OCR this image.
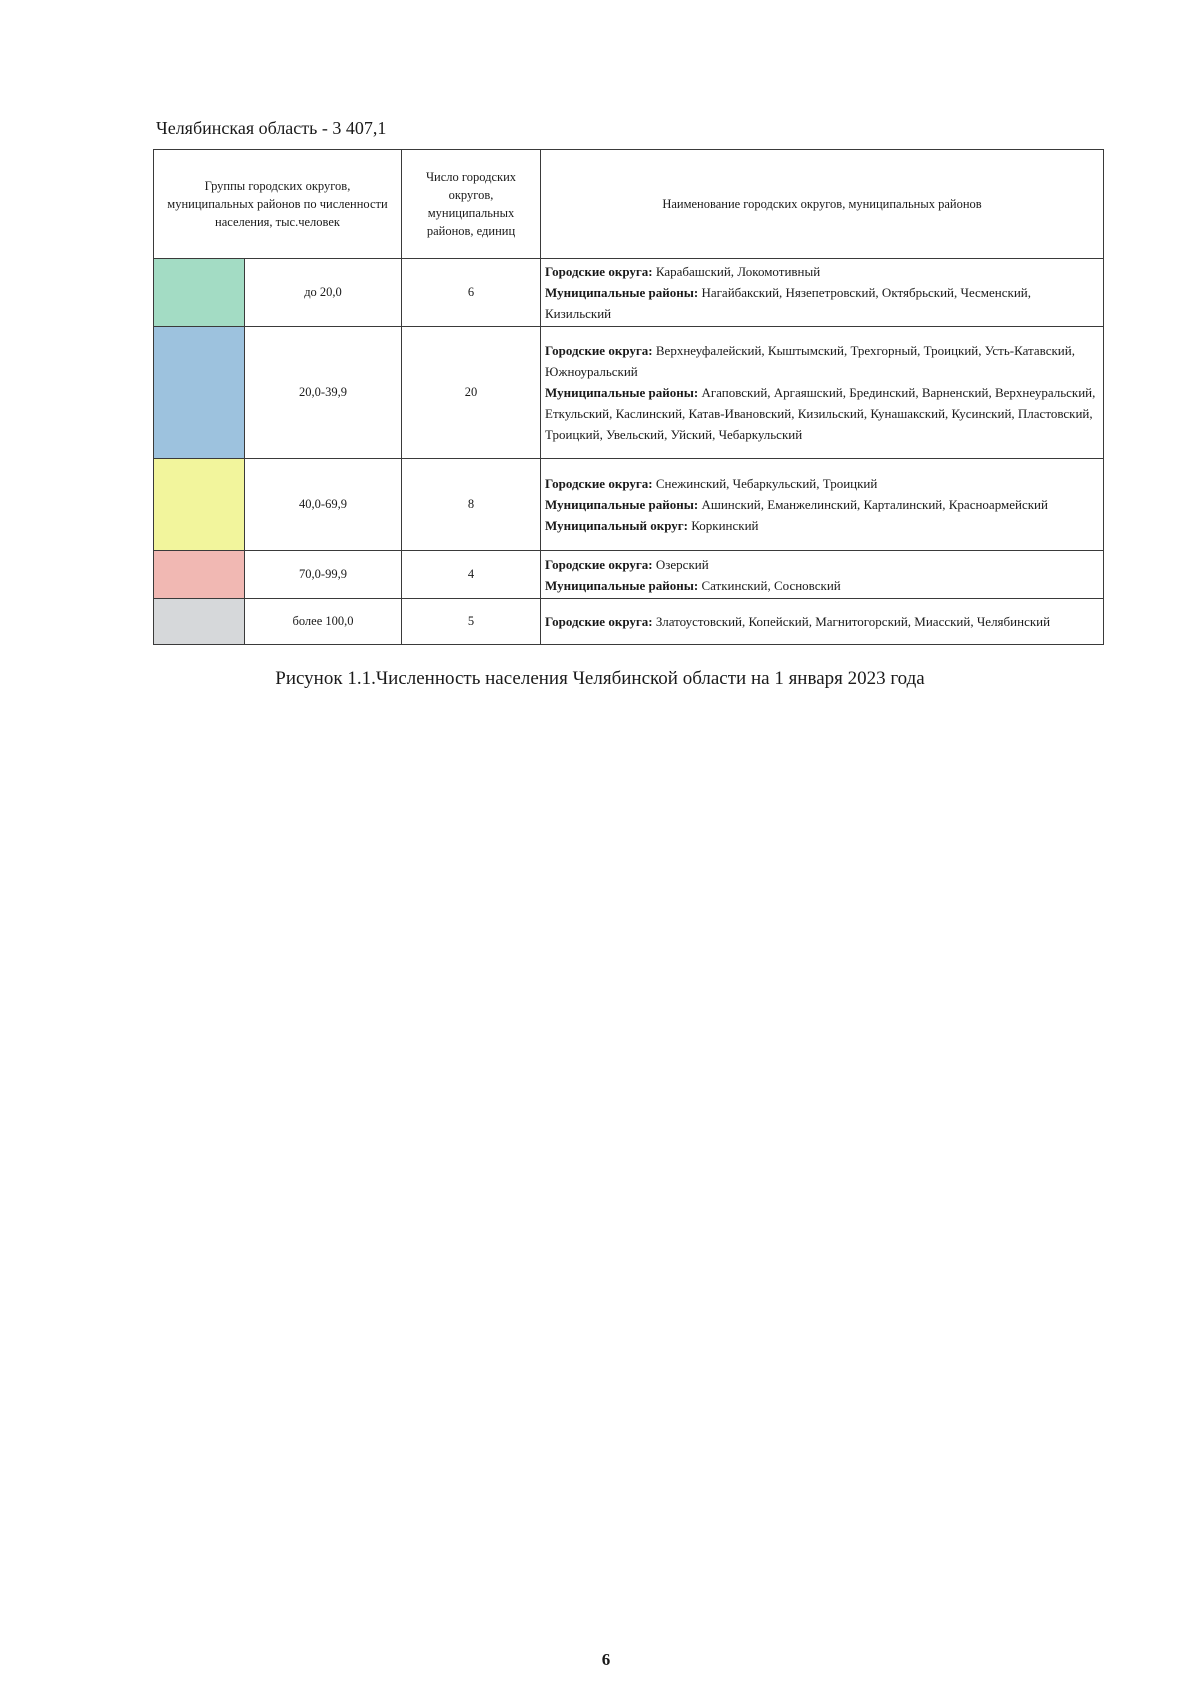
Челябинская область - 3 407,1
Группы городских округов, муниципальных районов по численности населения, тыс.человек		Число городских округов, муниципальных районов, единиц	Наименование городских округов, муниципальных районов

	до 20,0	6	Городские округа: Карабашский, Локомотивный
Муниципальные районы: Нагайбакский, Нязепетровский, Октябрьский, Чесменский, Кизильский

	20,0-39,9	20	Городские округа: Верхнеуфалейский, Кыштымский, Трехгорный, Троицкий, Усть-Катавский, Южноуральский
Муниципальные районы: Агаповский, Аргаяшский, Брединский, Варненский, Верхнеуральский, Еткульский, Каслинский, Катав-Ивановский, Кизильский, Кунашакский, Кусинский, Пластовский, Троицкий, Увельский, Уйский, Чебаркульский

	40,0-69,9	8	Городские округа: Снежинский, Чебаркульский, Троицкий
Муниципальные районы: Ашинский, Еманжелинский, Карталинский, Красноармейский
Муниципальный округ: Коркинский

	70,0-99,9	4	Городские округа: Озерский
Муниципальные районы: Саткинский, Сосновский

	более 100,0	5	Городские округа: Златоустовский, Копейский, Магнитогорский, Миасский, Челябинский
Рисунок 1.1.Численность населения Челябинской области на 1 января 2023 года
6
